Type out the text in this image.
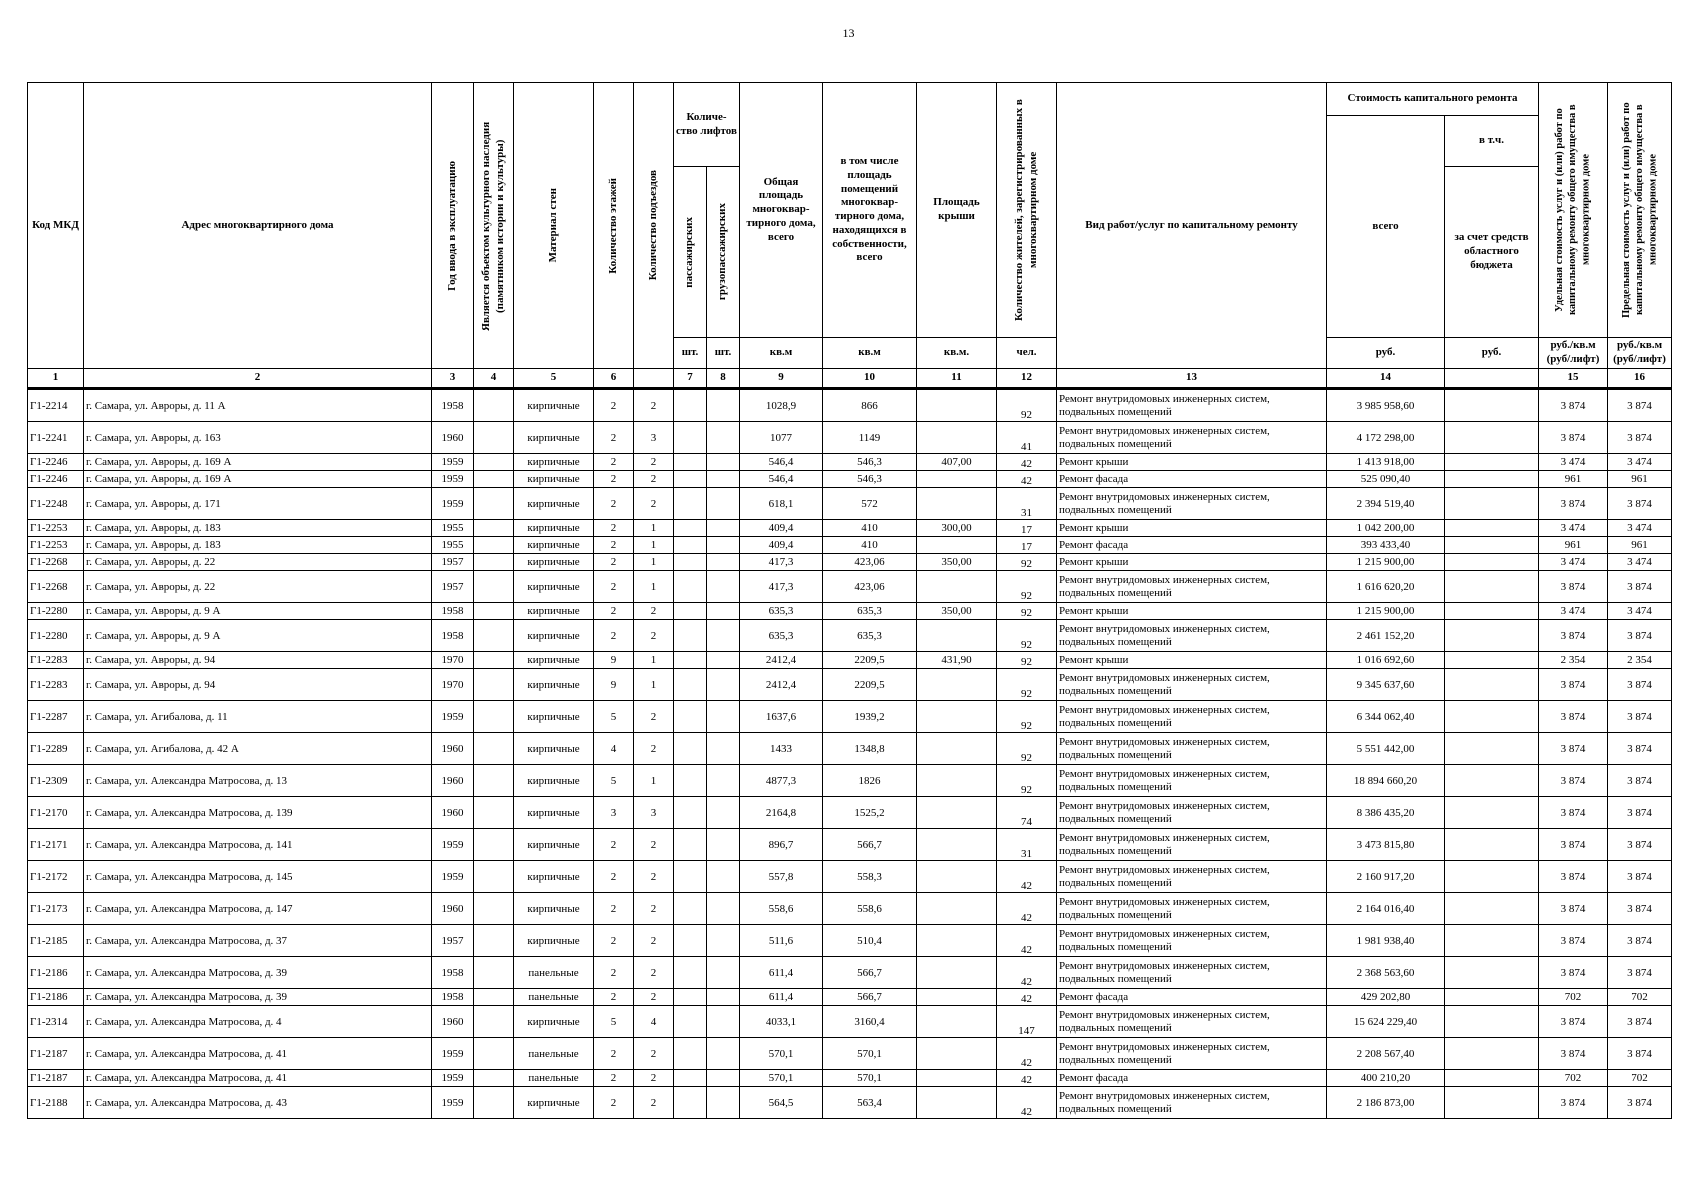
13
Код МКД	Адрес многоквартирного дома	Год ввода в эксплуатацию	Является объектом культурного наследия (памятником истории и культуры)	Материал стен	Количество этажей	Количество подъездов	Количе-ство лифтов		Общая площадь многоквар-тирного дома, всего	в том числе площадь помещений многоквар-тирного дома, находящихся в собственности, всего	Площадь крыши	Количество жителей, зарегистрированных в многоквартирном доме	Вид работ/услуг по капитальному ремонту	Стоимость капитального ремонта		Удельная стоимость услуг и (или) работ по капитальному ремонту общего имущества в многоквартирном доме	Предельная стоимость услуг и (или) работ по капитальному ремонту общего имущества в многоквартирном доме

														всего	в т.ч.		

							пассажирских	грузопассажирских							за счет средств областного бюджета		
							шт.	шт.	кв.м	кв.м	кв.м.	чел.		руб.	руб.	руб./кв.м (руб/лифт)	руб./кв.м (руб/лифт)
1	2	3	4	5	6		7	8	9	10	11	12	13	14		15	16
Г1-2214	г. Самара, ул. Авроры, д. 11 А	1958		кирпичные	2	2			1028,9	866		92	Ремонт внутридомовых инженерных систем, подвальных помещений	3 985 958,60		3 874	3 874
Г1-2241	г. Самара, ул. Авроры, д. 163	1960		кирпичные	2	3			1077	1149		41	Ремонт внутридомовых инженерных систем, подвальных помещений	4 172 298,00		3 874	3 874
Г1-2246	г. Самара, ул. Авроры, д. 169 А	1959		кирпичные	2	2			546,4	546,3	407,00	42	Ремонт крыши	1 413 918,00		3 474	3 474
Г1-2246	г. Самара, ул. Авроры, д. 169 А	1959		кирпичные	2	2			546,4	546,3		42	Ремонт фасада	525 090,40		961	961
Г1-2248	г. Самара, ул. Авроры, д. 171	1959		кирпичные	2	2			618,1	572		31	Ремонт внутридомовых инженерных систем, подвальных помещений	2 394 519,40		3 874	3 874
Г1-2253	г. Самара, ул. Авроры, д. 183	1955		кирпичные	2	1			409,4	410	300,00	17	Ремонт крыши	1 042 200,00		3 474	3 474
Г1-2253	г. Самара, ул. Авроры, д. 183	1955		кирпичные	2	1			409,4	410		17	Ремонт фасада	393 433,40		961	961
Г1-2268	г. Самара, ул. Авроры, д. 22	1957		кирпичные	2	1			417,3	423,06	350,00	92	Ремонт крыши	1 215 900,00		3 474	3 474
Г1-2268	г. Самара, ул. Авроры, д. 22	1957		кирпичные	2	1			417,3	423,06		92	Ремонт внутридомовых инженерных систем, подвальных помещений	1 616 620,20		3 874	3 874
Г1-2280	г. Самара, ул. Авроры, д. 9 А	1958		кирпичные	2	2			635,3	635,3	350,00	92	Ремонт крыши	1 215 900,00		3 474	3 474
Г1-2280	г. Самара, ул. Авроры, д. 9 А	1958		кирпичные	2	2			635,3	635,3		92	Ремонт внутридомовых инженерных систем, подвальных помещений	2 461 152,20		3 874	3 874
Г1-2283	г. Самара, ул. Авроры, д. 94	1970		кирпичные	9	1			2412,4	2209,5	431,90	92	Ремонт крыши	1 016 692,60		2 354	2 354
Г1-2283	г. Самара, ул. Авроры, д. 94	1970		кирпичные	9	1			2412,4	2209,5		92	Ремонт внутридомовых инженерных систем, подвальных помещений	9 345 637,60		3 874	3 874
Г1-2287	г. Самара, ул. Агибалова, д. 11	1959		кирпичные	5	2			1637,6	1939,2		92	Ремонт внутридомовых инженерных систем, подвальных помещений	6 344 062,40		3 874	3 874
Г1-2289	г. Самара, ул. Агибалова, д. 42 А	1960		кирпичные	4	2			1433	1348,8		92	Ремонт внутридомовых инженерных систем, подвальных помещений	5 551 442,00		3 874	3 874
Г1-2309	г. Самара, ул. Александра Матросова, д. 13	1960		кирпичные	5	1			4877,3	1826		92	Ремонт внутридомовых инженерных систем, подвальных помещений	18 894 660,20		3 874	3 874
Г1-2170	г. Самара, ул. Александра Матросова, д. 139	1960		кирпичные	3	3			2164,8	1525,2		74	Ремонт внутридомовых инженерных систем, подвальных помещений	8 386 435,20		3 874	3 874
Г1-2171	г. Самара, ул. Александра Матросова, д. 141	1959		кирпичные	2	2			896,7	566,7		31	Ремонт внутридомовых инженерных систем, подвальных помещений	3 473 815,80		3 874	3 874
Г1-2172	г. Самара, ул. Александра Матросова, д. 145	1959		кирпичные	2	2			557,8	558,3		42	Ремонт внутридомовых инженерных систем, подвальных помещений	2 160 917,20		3 874	3 874
Г1-2173	г. Самара, ул. Александра Матросова, д. 147	1960		кирпичные	2	2			558,6	558,6		42	Ремонт внутридомовых инженерных систем, подвальных помещений	2 164 016,40		3 874	3 874
Г1-2185	г. Самара, ул. Александра Матросова, д. 37	1957		кирпичные	2	2			511,6	510,4		42	Ремонт внутридомовых инженерных систем, подвальных помещений	1 981 938,40		3 874	3 874
Г1-2186	г. Самара, ул. Александра Матросова, д. 39	1958		панельные	2	2			611,4	566,7		42	Ремонт внутридомовых инженерных систем, подвальных помещений	2 368 563,60		3 874	3 874
Г1-2186	г. Самара, ул. Александра Матросова, д. 39	1958		панельные	2	2			611,4	566,7		42	Ремонт фасада	429 202,80		702	702
Г1-2314	г. Самара, ул. Александра Матросова, д. 4	1960		кирпичные	5	4			4033,1	3160,4		147	Ремонт внутридомовых инженерных систем, подвальных помещений	15 624 229,40		3 874	3 874
Г1-2187	г. Самара, ул. Александра Матросова, д. 41	1959		панельные	2	2			570,1	570,1		42	Ремонт внутридомовых инженерных систем, подвальных помещений	2 208 567,40		3 874	3 874
Г1-2187	г. Самара, ул. Александра Матросова, д. 41	1959		панельные	2	2			570,1	570,1		42	Ремонт фасада	400 210,20		702	702
Г1-2188	г. Самара, ул. Александра Матросова, д. 43	1959		кирпичные	2	2			564,5	563,4		42	Ремонт внутридомовых инженерных систем, подвальных помещений	2 186 873,00		3 874	3 874
